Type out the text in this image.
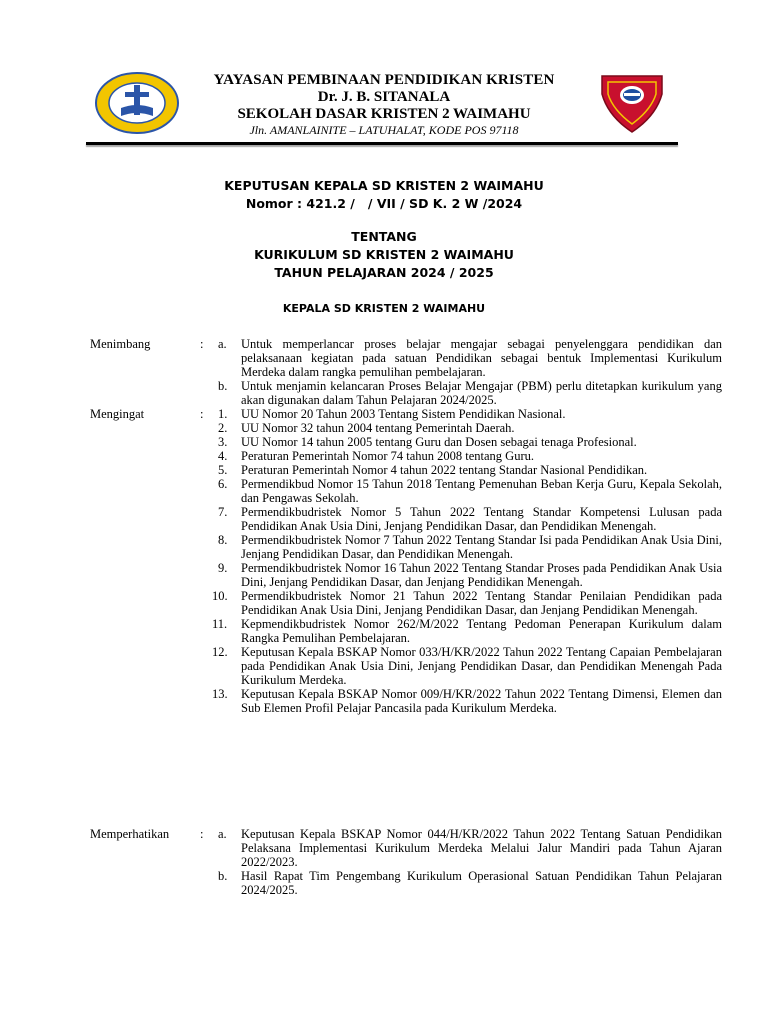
YAYASAN PEMBINAAN PENDIDIKAN KRISTEN
Dr. J. B. SITANALA
SEKOLAH DASAR KRISTEN 2 WAIMAHU
Jln. AMANLAINITE – LATUHALAT, KODE POS 97118
KEPUTUSAN KEPALA SD KRISTEN 2 WAIMAHU
Nomor : 421.2 /   / VII / SD K. 2 W /2024
TENTANG
KURIKULUM SD KRISTEN 2 WAIMAHU
TAHUN PELAJARAN 2024 / 2025
KEPALA SD KRISTEN 2 WAIMAHU
Menimbang	:	a. Untuk memperlancar proses belajar mengajar sebagai penyelenggara pendidikan dan pelaksanaan kegiatan pada satuan Pendidikan sebagai bentuk Implementasi Kurikulum Merdeka dalam rangka pemulihan pembelajaran.
b. Untuk menjamin kelancaran Proses Belajar Mengajar (PBM) perlu ditetapkan kurikulum yang akan digunakan dalam Tahun Pelajaran 2024/2025.
Mengingat	:	1. UU Nomor 20 Tahun 2003 Tentang Sistem Pendidikan Nasional.
2. UU Nomor 32 tahun 2004 tentang Pemerintah Daerah.
3. UU Nomor 14 tahun 2005 tentang Guru dan Dosen sebagai tenaga Profesional.
4. Peraturan Pemerintah Nomor 74 tahun 2008 tentang Guru.
5. Peraturan Pemerintah Nomor 4 tahun 2022 tentang Standar Nasional Pendidikan.
6. Permendikbud Nomor 15 Tahun 2018 Tentang Pemenuhan Beban Kerja Guru, Kepala Sekolah, dan Pengawas Sekolah.
7. Permendikbudristek Nomor 5 Tahun 2022 Tentang Standar Kompetensi Lulusan pada Pendidikan Anak Usia Dini, Jenjang Pendidikan Dasar, dan Pendidikan Menengah.
8. Permendikbudristek Nomor 7 Tahun 2022 Tentang Standar Isi pada Pendidikan Anak Usia Dini, Jenjang Pendidikan Dasar, dan Pendidikan Menengah.
9. Permendikbudristek Nomor 16 Tahun 2022 Tentang Standar Proses pada Pendidikan Anak Usia Dini, Jenjang Pendidikan Dasar, dan Jenjang Pendidikan Menengah.
10. Permendikbudristek Nomor 21 Tahun 2022 Tentang Standar Penilaian Pendidikan pada Pendidikan Anak Usia Dini, Jenjang Pendidikan Dasar, dan Jenjang Pendidikan Menengah.
11. Kepmendikbudristek Nomor 262/M/2022 Tentang Pedoman Penerapan Kurikulum dalam Rangka Pemulihan Pembelajaran.
12. Keputusan Kepala BSKAP Nomor 033/H/KR/2022 Tahun 2022 Tentang Capaian Pembelajaran pada Pendidikan Anak Usia Dini, Jenjang Pendidikan Dasar, dan Pendidikan Menengah Pada Kurikulum Merdeka.
13. Keputusan Kepala BSKAP Nomor 009/H/KR/2022 Tahun 2022 Tentang Dimensi, Elemen dan Sub Elemen Profil Pelajar Pancasila pada Kurikulum Merdeka.
Memperhatikan	:	a. Keputusan Kepala BSKAP Nomor 044/H/KR/2022 Tahun 2022 Tentang Satuan Pendidikan Pelaksana Implementasi Kurikulum Merdeka Melalui Jalur Mandiri pada Tahun Ajaran 2022/2023.
b. Hasil Rapat Tim Pengembang Kurikulum Operasional Satuan Pendidikan Tahun Pelajaran 2024/2025.
